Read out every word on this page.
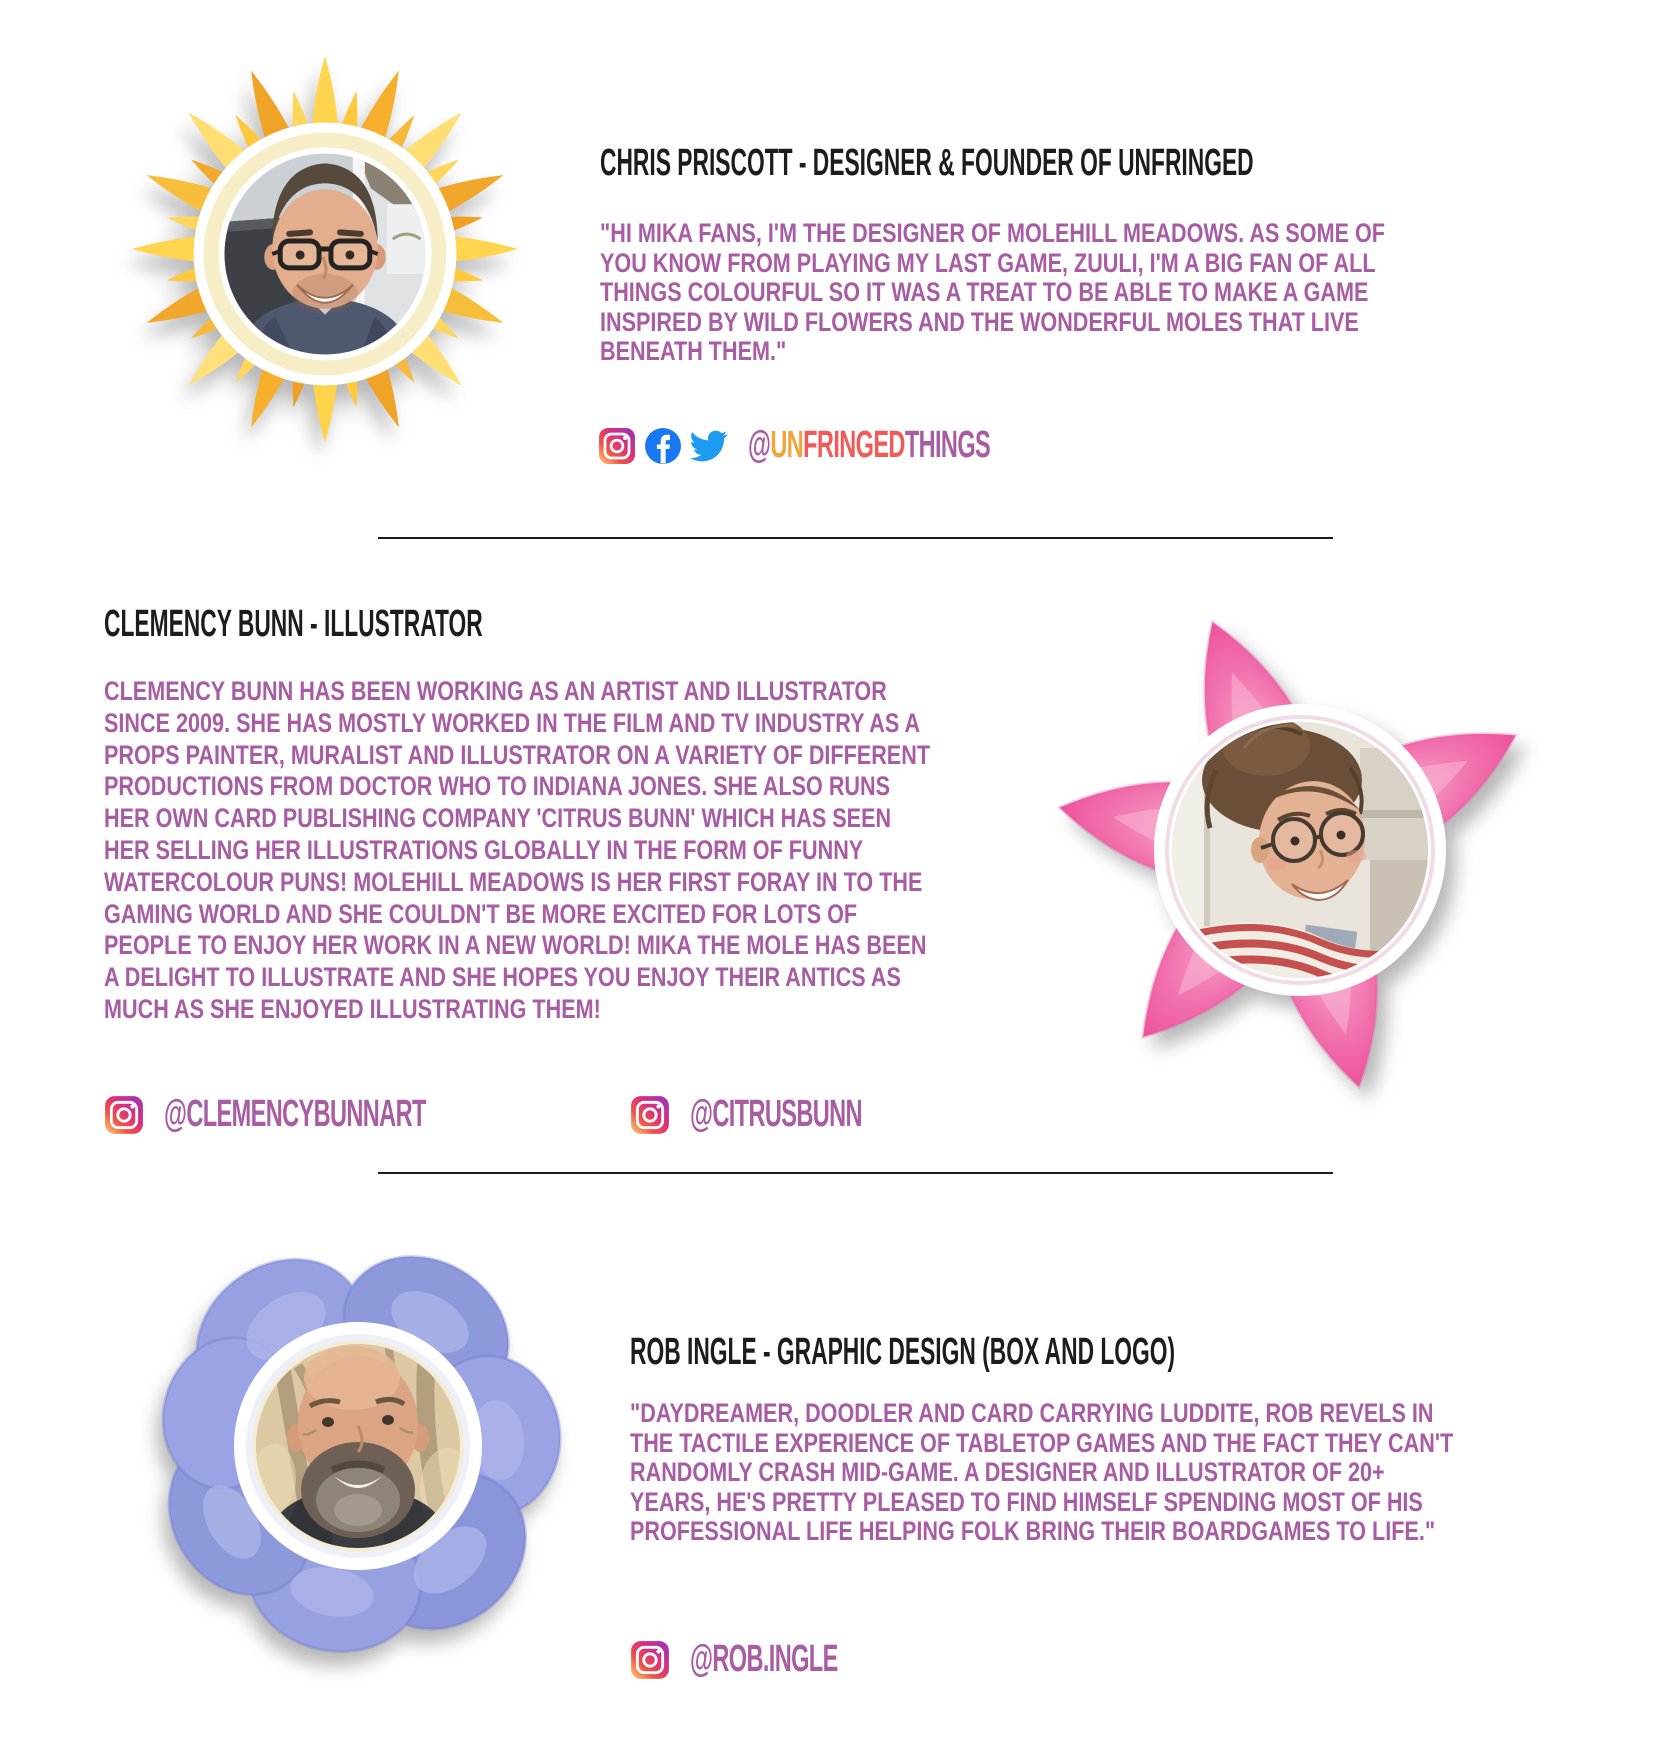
CHRIS PRISCOTT - DESIGNER & FOUNDER OF UNFRINGED
"HI MIKA FANS, I'M THE DESIGNER OF MOLEHILL MEADOWS. AS SOME OF
YOU KNOW FROM PLAYING MY LAST GAME, ZUULI, I'M A BIG FAN OF ALL
THINGS COLOURFUL SO IT WAS A TREAT TO BE ABLE TO MAKE A GAME
INSPIRED BY WILD FLOWERS AND THE WONDERFUL MOLES THAT LIVE
BENEATH THEM."
@UNFRINGEDTHINGS
CLEMENCY BUNN - ILLUSTRATOR
CLEMENCY BUNN HAS BEEN WORKING AS AN ARTIST AND ILLUSTRATOR
SINCE 2009. SHE HAS MOSTLY WORKED IN THE FILM AND TV INDUSTRY AS A
PROPS PAINTER, MURALIST AND ILLUSTRATOR ON A VARIETY OF DIFFERENT
PRODUCTIONS FROM DOCTOR WHO TO INDIANA JONES. SHE ALSO RUNS
HER OWN CARD PUBLISHING COMPANY 'CITRUS BUNN' WHICH HAS SEEN
HER SELLING HER ILLUSTRATIONS GLOBALLY IN THE FORM OF FUNNY
WATERCOLOUR PUNS! MOLEHILL MEADOWS IS HER FIRST FORAY IN TO THE
GAMING WORLD AND SHE COULDN'T BE MORE EXCITED FOR LOTS OF
PEOPLE TO ENJOY HER WORK IN A NEW WORLD! MIKA THE MOLE HAS BEEN
A DELIGHT TO ILLUSTRATE AND SHE HOPES YOU ENJOY THEIR ANTICS AS
MUCH AS SHE ENJOYED ILLUSTRATING THEM!
@CLEMENCYBUNNART	@CITRUSBUNN
ROB INGLE - GRAPHIC DESIGN (BOX AND LOGO)
"DAYDREAMER, DOODLER AND CARD CARRYING LUDDITE, ROB REVELS IN
THE TACTILE EXPERIENCE OF TABLETOP GAMES AND THE FACT THEY CAN'T
RANDOMLY CRASH MID-GAME. A DESIGNER AND ILLUSTRATOR OF 20+
YEARS, HE'S PRETTY PLEASED TO FIND HIMSELF SPENDING MOST OF HIS
PROFESSIONAL LIFE HELPING FOLK BRING THEIR BOARDGAMES TO LIFE."
@ROB.INGLE
